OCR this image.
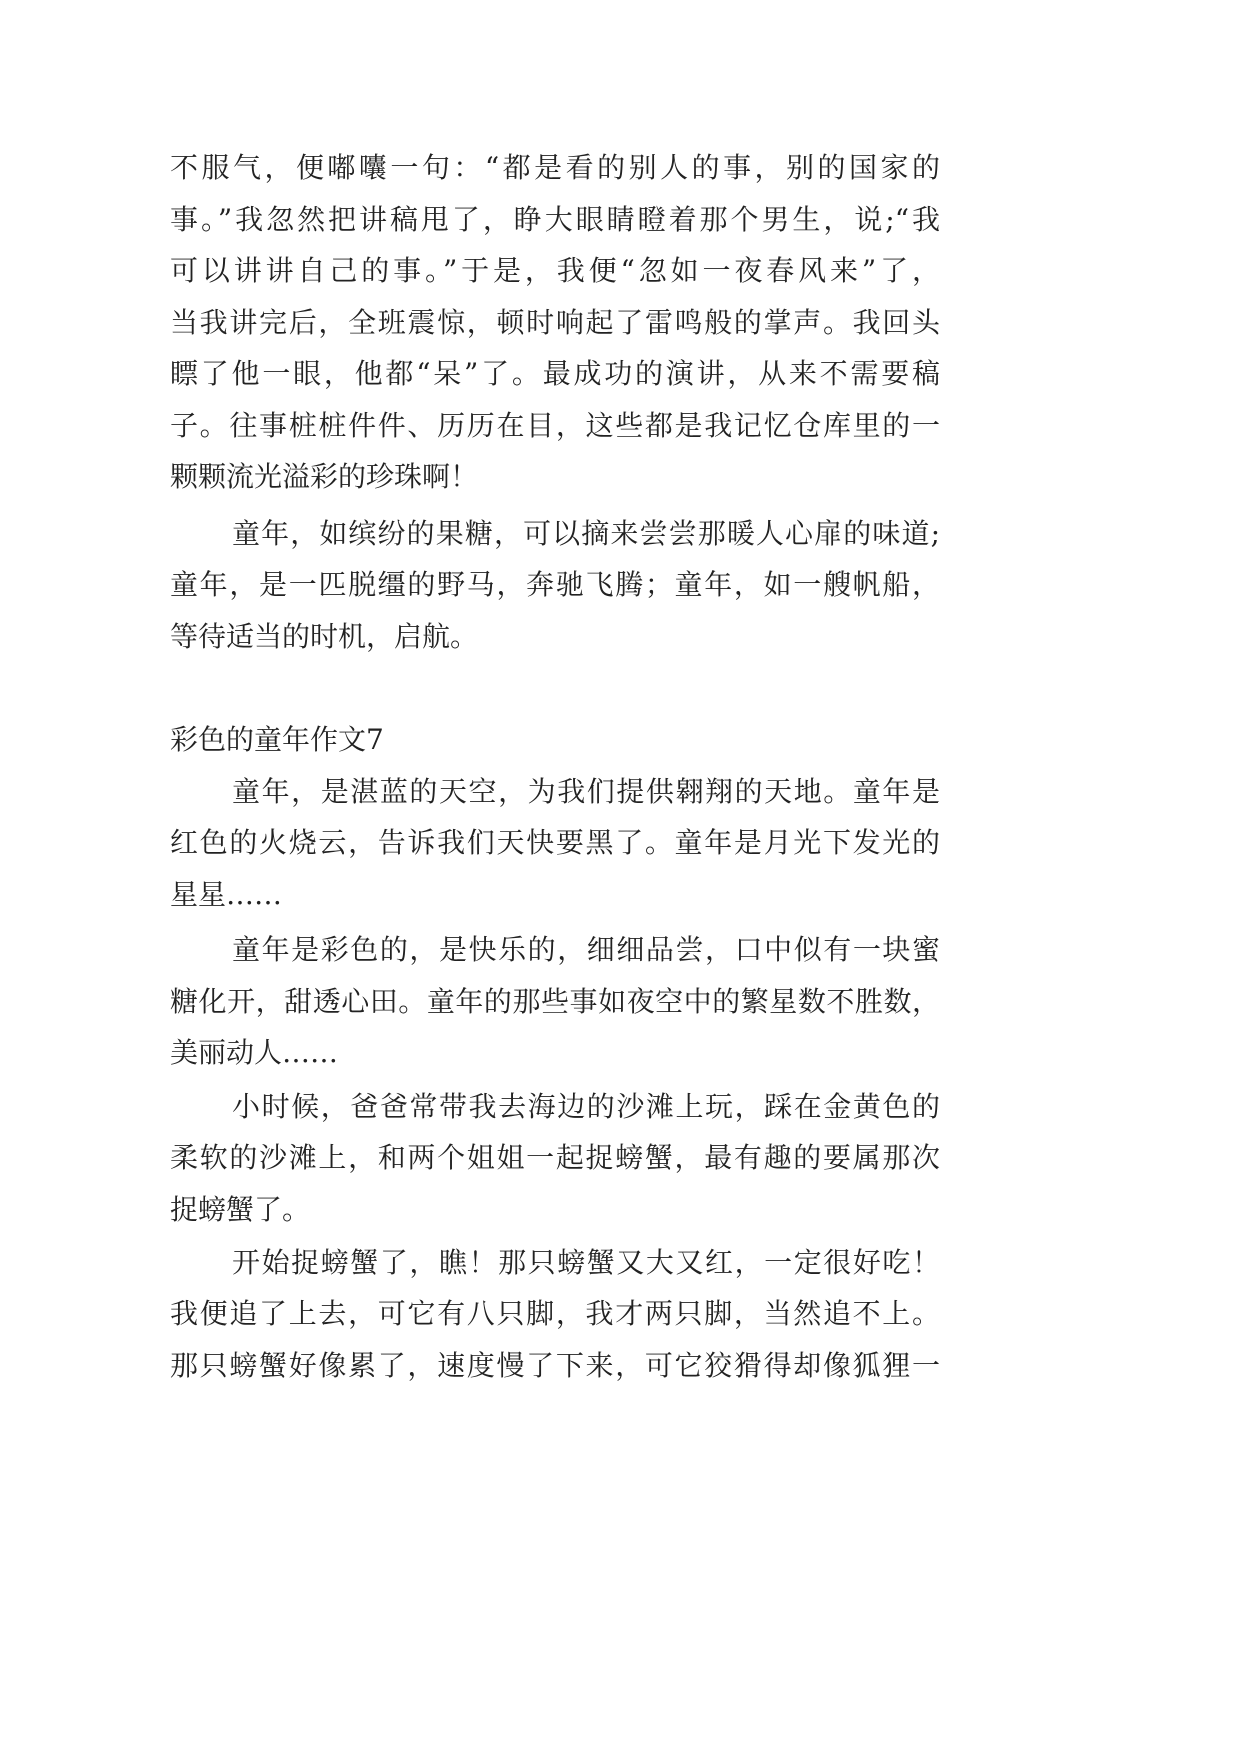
不服气，便嘟囔一句：“都是看的别人的事，别的国家的
事。”我忽然把讲稿甩了，睁大眼睛瞪着那个男生，说;“我
可以讲讲自己的事。”于是，我便“忽如一夜春风来”了，
当我讲完后，全班震惊，顿时响起了雷鸣般的掌声。我回头
瞟了他一眼，他都“呆”了。最成功的演讲，从来不需要稿
子。往事桩桩件件、历历在目，这些都是我记忆仓库里的一
颗颗流光溢彩的珍珠啊！
童年，如缤纷的果糖，可以摘来尝尝那暖人心扉的味道;
童年，是一匹脱缰的野马，奔驰飞腾；童年，如一艘帆船，
等待适当的时机，启航。
彩色的童年作文7
童年，是湛蓝的天空，为我们提供翱翔的天地。童年是
红色的火烧云，告诉我们天快要黑了。童年是月光下发光的
星星……
童年是彩色的，是快乐的，细细品尝，口中似有一块蜜
糖化开，甜透心田。童年的那些事如夜空中的繁星数不胜数，
美丽动人……
小时候，爸爸常带我去海边的沙滩上玩，踩在金黄色的
柔软的沙滩上，和两个姐姐一起捉螃蟹，最有趣的要属那次
捉螃蟹了。
开始捉螃蟹了，瞧！那只螃蟹又大又红，一定很好吃！
我便追了上去，可它有八只脚，我才两只脚，当然追不上。
那只螃蟹好像累了，速度慢了下来，可它狡猾得却像狐狸一
